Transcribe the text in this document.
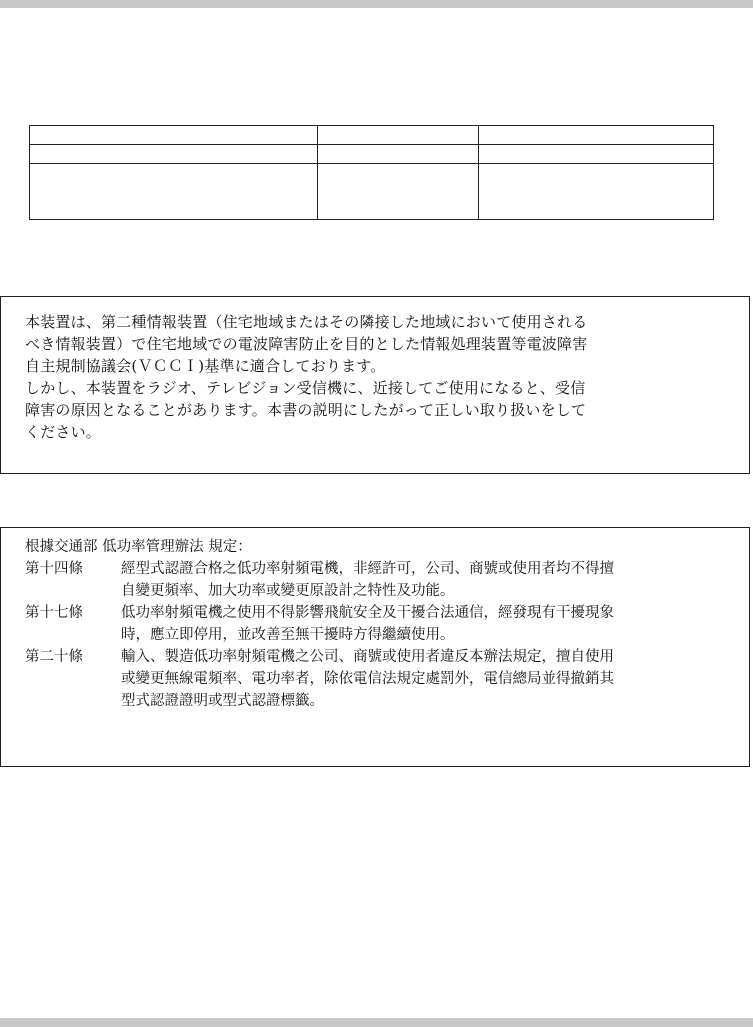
本装置は、第二種情報装置（住宅地域またはその隣接した地域において使用される
べき情報装置）で住宅地域での電波障害防止を目的とした情報処理装置等電波障害
自主規制協議会(ＶＣＣＩ)基準に適合しております。
しかし、本装置をラジオ、テレビジョン受信機に、近接してご使用になると、受信
障害の原因となることがあります。本書の説明にしたがって正しい取り扱いをして
ください。
根據交通部 低功率管理辦法 規定：
第十四條	經型式認證合格之低功率射頻電機，非經許可，公司、商號或使用者均不得擅
自變更頻率、加大功率或變更原設計之特性及功能。
第十七條	低功率射頻電機之使用不得影響飛航安全及干擾合法通信，經發現有干擾現象
時，應立即停用，並改善至無干擾時方得繼續使用。
第二十條	輸入、製造低功率射頻電機之公司、商號或使用者違反本辦法規定，擅自使用
或變更無線電頻率、電功率者，除依電信法規定處罰外，電信總局並得撤銷其
型式認證證明或型式認證標籤。
